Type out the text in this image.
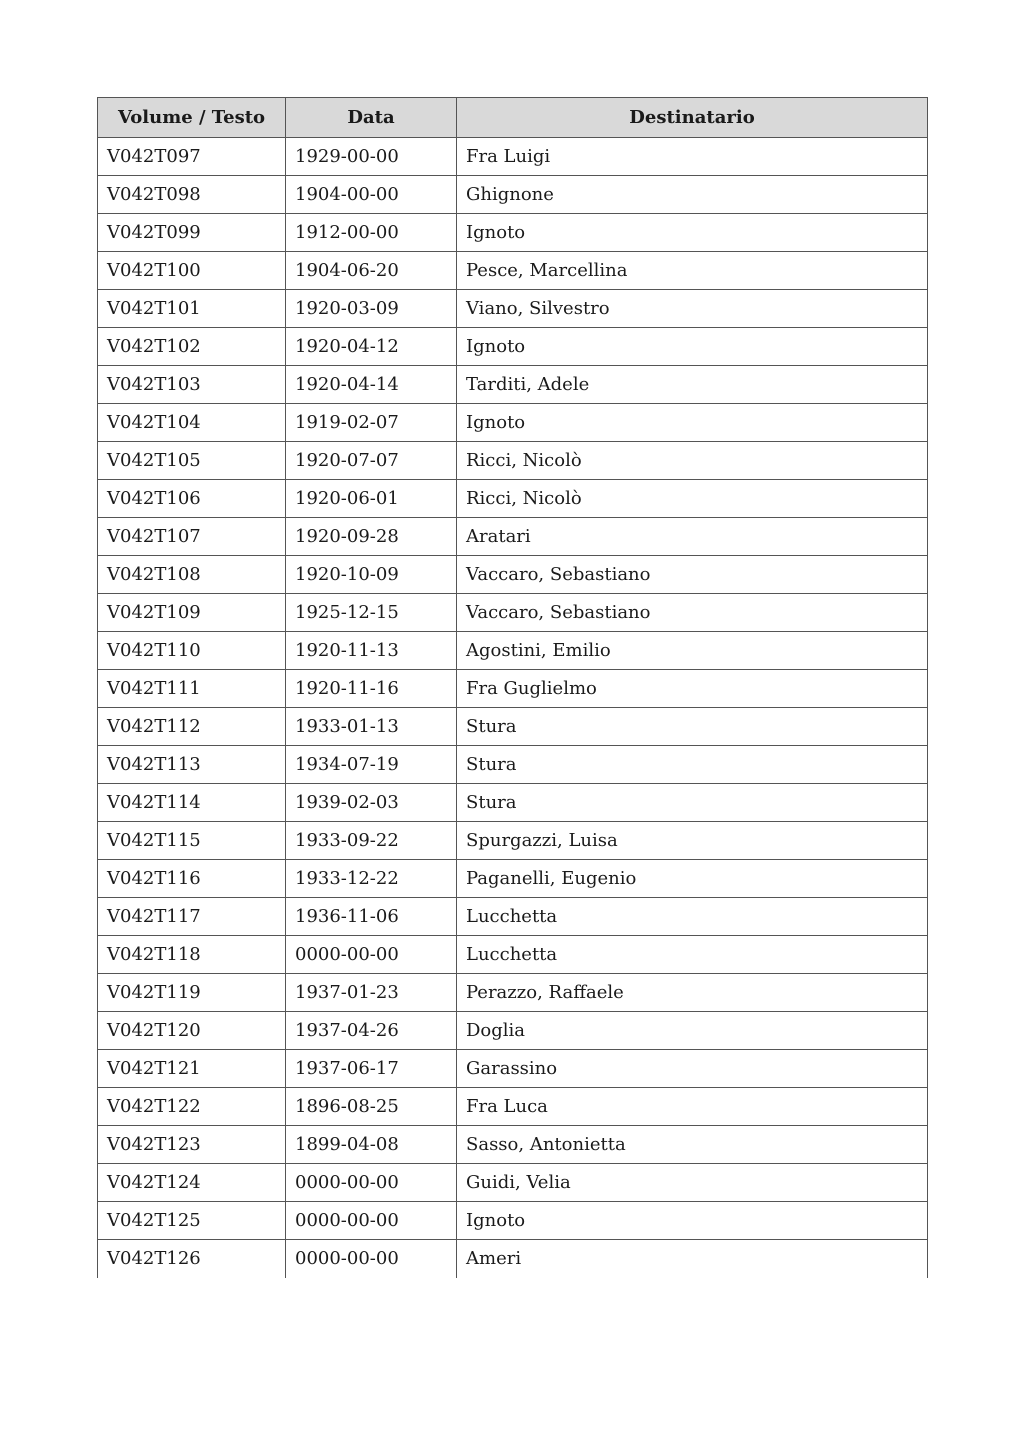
Volume / Testo	Data	Destinatario
V042T097	1929-00-00	Fra Luigi
V042T098	1904-00-00	Ghignone
V042T099	1912-00-00	Ignoto
V042T100	1904-06-20	Pesce, Marcellina
V042T101	1920-03-09	Viano, Silvestro
V042T102	1920-04-12	Ignoto
V042T103	1920-04-14	Tarditi, Adele
V042T104	1919-02-07	Ignoto
V042T105	1920-07-07	Ricci, Nicolò
V042T106	1920-06-01	Ricci, Nicolò
V042T107	1920-09-28	Aratari
V042T108	1920-10-09	Vaccaro, Sebastiano
V042T109	1925-12-15	Vaccaro, Sebastiano
V042T110	1920-11-13	Agostini, Emilio
V042T111	1920-11-16	Fra Guglielmo
V042T112	1933-01-13	Stura
V042T113	1934-07-19	Stura
V042T114	1939-02-03	Stura
V042T115	1933-09-22	Spurgazzi, Luisa
V042T116	1933-12-22	Paganelli, Eugenio
V042T117	1936-11-06	Lucchetta
V042T118	0000-00-00	Lucchetta
V042T119	1937-01-23	Perazzo, Raffaele
V042T120	1937-04-26	Doglia
V042T121	1937-06-17	Garassino
V042T122	1896-08-25	Fra Luca
V042T123	1899-04-08	Sasso, Antonietta
V042T124	0000-00-00	Guidi, Velia
V042T125	0000-00-00	Ignoto
V042T126	0000-00-00	Ameri
